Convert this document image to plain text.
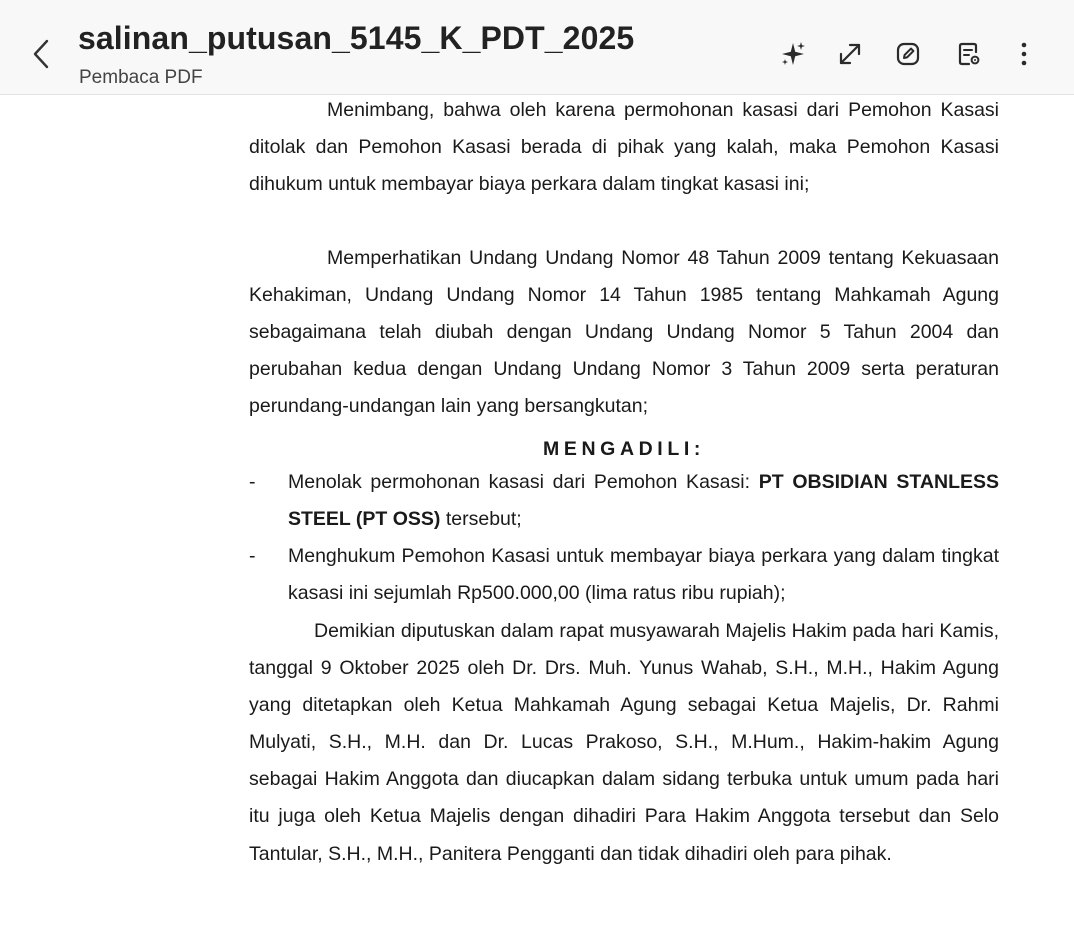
salinan_putusan_5145_K_PDT_2025
Pembaca PDF

Menimbang, bahwa oleh karena permohonan kasasi dari Pemohon Kasasi ditolak dan Pemohon Kasasi berada di pihak yang kalah, maka Pemohon Kasasi dihukum untuk membayar biaya perkara dalam tingkat kasasi ini;

Memperhatikan Undang Undang Nomor 48 Tahun 2009 tentang Kekuasaan Kehakiman, Undang Undang Nomor 14 Tahun 1985 tentang Mahkamah Agung sebagaimana telah diubah dengan Undang Undang Nomor 5 Tahun 2004 dan perubahan kedua dengan Undang Undang Nomor 3 Tahun 2009 serta peraturan perundang-undangan lain yang bersangkutan;

MENGADILI:
- Menolak permohonan kasasi dari Pemohon Kasasi: PT OBSIDIAN STANLESS STEEL (PT OSS) tersebut;

- Menghukum Pemohon Kasasi untuk membayar biaya perkara yang dalam tingkat kasasi ini sejumlah Rp500.000,00 (lima ratus ribu rupiah);

Demikian diputuskan dalam rapat musyawarah Majelis Hakim pada hari Kamis, tanggal 9 Oktober 2025 oleh Dr. Drs. Muh. Yunus Wahab, S.H., M.H., Hakim Agung yang ditetapkan oleh Ketua Mahkamah Agung sebagai Ketua Majelis, Dr. Rahmi Mulyati, S.H., M.H. dan Dr. Lucas Prakoso, S.H., M.Hum., Hakim-hakim Agung sebagai Hakim Anggota dan diucapkan dalam sidang terbuka untuk umum pada hari itu juga oleh Ketua Majelis dengan dihadiri Para Hakim Anggota tersebut dan Selo Tantular, S.H., M.H., Panitera Pengganti dan tidak dihadiri oleh para pihak.
